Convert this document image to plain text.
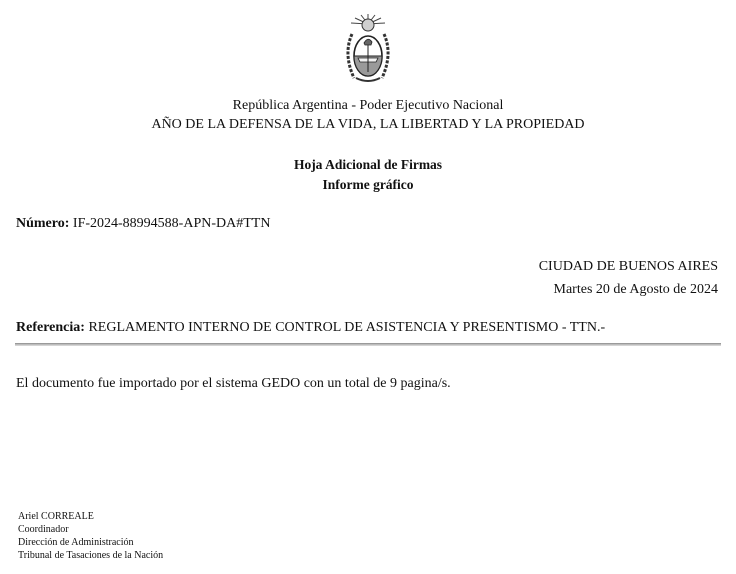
República Argentina - Poder Ejecutivo Nacional
AÑO DE LA DEFENSA DE LA VIDA, LA LIBERTAD Y LA PROPIEDAD
Hoja Adicional de Firmas
Informe gráfico
Número: IF-2024-88994588-APN-DA#TTN
CIUDAD DE BUENOS AIRES
Martes 20 de Agosto de 2024
Referencia: REGLAMENTO INTERNO DE CONTROL DE ASISTENCIA Y PRESENTISMO - TTN.-
El documento fue importado por el sistema GEDO con un total de 9 pagina/s.
Ariel CORREALE
Coordinador
Dirección de Administración
Tribunal de Tasaciones de la Nación
